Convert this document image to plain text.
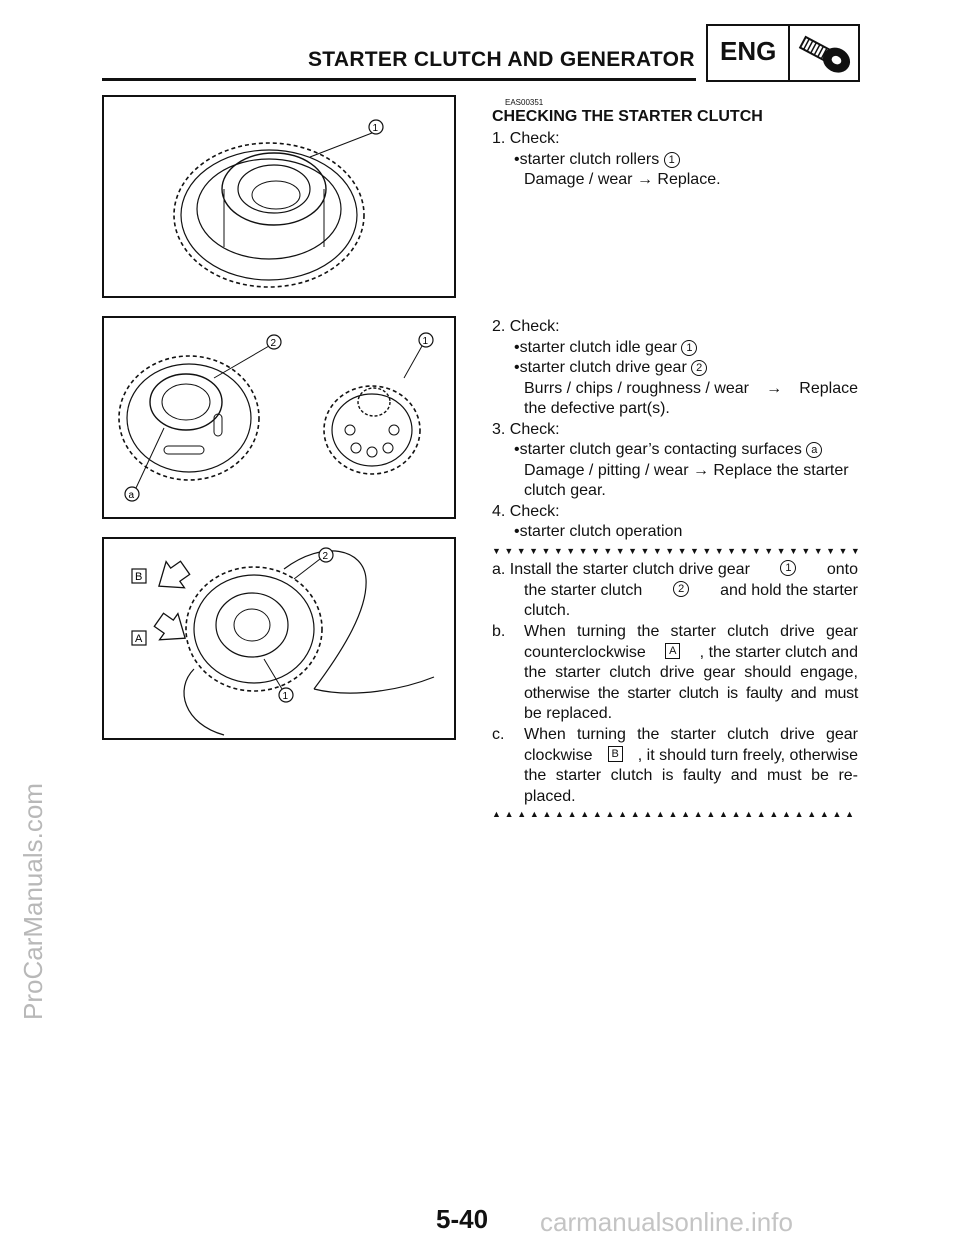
STARTER CLUTCH AND GENERATOR ENG
1
2	1
a
B
A
2
1
EAS00351
CHECKING THE STARTER CLUTCH
1. Check:
•starter clutch rollers 1
Damage / wear → Replace.
2. Check:
•starter clutch idle gear 1
•starter clutch drive gear 2
Burrs / chips / roughness / wear → Replace
the defective part(s).
3. Check:
•starter clutch gear’s contacting surfaces a
Damage / pitting / wear → Replace the starter
clutch gear.
4. Check:
•starter clutch operation
▼ ▼ ▼ ▼ ▼ ▼ ▼ ▼ ▼ ▼ ▼ ▼ ▼ ▼ ▼ ▼ ▼ ▼ ▼ ▼ ▼ ▼ ▼ ▼ ▼ ▼ ▼ ▼ ▼ ▼
a. Install the starter clutch drive gear	1	onto
the starter clutch	2	and hold the starter
clutch.
b. When turning the starter clutch drive gear
counterclockwise	A , the starter clutch and
the starter clutch drive gear should engage,
otherwise the starter clutch is faulty and must
be replaced.
c. When turning the starter clutch drive gear
clockwise	B , it should turn freely, otherwise
the starter clutch is faulty and must be re-
placed.
▲ ▲ ▲ ▲ ▲ ▲ ▲ ▲ ▲ ▲ ▲ ▲ ▲ ▲ ▲ ▲ ▲ ▲ ▲ ▲ ▲ ▲ ▲ ▲ ▲ ▲ ▲ ▲ ▲
5-40
ProCarManuals.com
carmanualsonline.info
